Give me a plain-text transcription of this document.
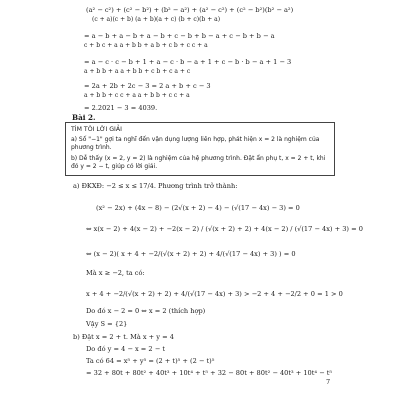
(a² − c²) + (c² − b²) + (b² − a²) + (a² − c²) + (c² − b²)(b² − a²)
(c + a)(c + b) (a + b)(a + c) (b + c)(b + a)
= a − b + a − b + a − b + c − b + b − a + c − b + b − a
c + b c + a a + b b + a b + c b + c c + a
= a − c · c − b + 1 + a − c · b − a + 1 + c − b · b − a + 1 − 3
a + b b + a a + b b + c b + c a + c
= 2a + 2b + 2c − 3 = 2 a + b + c − 3
a + b b + c c + a a + b b + c c + a
= 2.2021 − 3 = 4039.
Bài 2.
TÌM TÒI LỜI GIẢI
a) Số "−1" gợi ta nghĩ đến vận dụng lượng liên hợp, phát hiện x = 2 là nghiệm của phương trình.
b) Dễ thấy (x = 2, y = 2) là nghiệm của hệ phương trình. Đặt ẩn phụ t, x = 2 + t, khi đó y = 2 − t, giúp có lời giải.
a) ĐKXĐ: −2 ≤ x ≤ 17/4. Phương trình trở thành:
(x² − 2x) + (4x − 8) − (2√(x + 2) − 4) − (√(17 − 4x) − 3) = 0
⇔ x(x − 2) + 4(x − 2) + −2(x − 2) / (√(x + 2) + 2) + 4(x − 2) / (√(17 − 4x) + 3) = 0
⇔ (x − 2)( x + 4 + −2/(√(x + 2) + 2) + 4/(√(17 − 4x) + 3) ) = 0
Mà x ≥ −2, ta có:
x + 4 + −2/(√(x + 2) + 2) + 4/(√(17 − 4x) + 3) > −2 + 4 + −2/2 + 0 = 1 > 0
Do đó x − 2 = 0 ⇔ x = 2 (thích hợp)
Vậy S = {2}
b) Đặt x = 2 + t. Mà x + y = 4
Do đó y = 4 − x = 2 − t
Ta có 64 = x⁵ + y⁵ = (2 + t)⁵ + (2 − t)⁵
= 32 + 80t + 80t² + 40t³ + 10t⁴ + t⁵ + 32 − 80t + 80t² − 40t³ + 10t⁴ − t⁵
7
